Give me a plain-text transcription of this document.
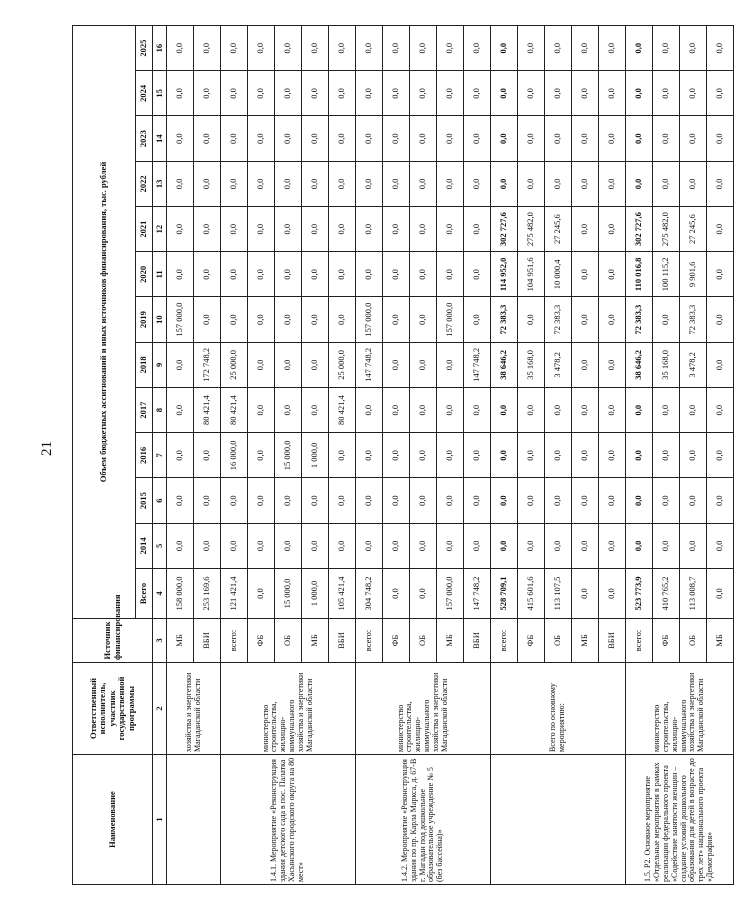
21
Наименование	Ответственный исполнитель, участник государственной программы	Источник финансирования	Объем бюджетных ассигнований и иных источников финансирования, тыс. рублей												
			Всего	2014	2015	2016	2017	2018	2019	2020	2021	2022	2023	2024	2025
1	2	3	4	5	6	7	8	9	10	11	12	13	14	15	16
	хозяйства и энергетики Магаданской области	МБ	158 000,0	0,0	0,0	0,0	0,0	0,0	157 000,0	0,0	0,0	0,0	0,0	0,0	0,0
		ВБИ	253 169,6	0,0	0,0	0,0	80 421,4	172 748,2	0,0	0,0	0,0	0,0	0,0	0,0	0,0
1.4.1. Мероприятие «Реконструкция здания детского сада в пос. Палатка Хасынского городского округа на 80 мест»	министерство строительства, жилищно-коммунального хозяйства и энергетики Магаданской области	всего:	121 421,4	0,0	0,0	16 000,0	80 421,4	25 000,0	0,0	0,0	0,0	0,0	0,0	0,0	0,0
		ФБ	0,0	0,0	0,0	0,0	0,0	0,0	0,0	0,0	0,0	0,0	0,0	0,0	0,0
		ОБ	15 000,0	0,0	0,0	15 000,0	0,0	0,0	0,0	0,0	0,0	0,0	0,0	0,0	0,0
		МБ	1 000,0	0,0	0,0	1 000,0	0,0	0,0	0,0	0,0	0,0	0,0	0,0	0,0	0,0
		ВБИ	105 421,4	0,0	0,0	0,0	80 421,4	25 000,0	0,0	0,0	0,0	0,0	0,0	0,0	0,0
1.4.2. Мероприятие «Реконструкция здания по пр. Карла Маркса, д. 67-В г. Магадан под дошкольное образовательное учреждение № 5 (без бассейна)»	министерство строительства, жилищно-коммунального хозяйства и энергетики Магаданской области	всего:	304 748,2	0,0	0,0	0,0	0,0	147 748,2	157 000,0	0,0	0,0	0,0	0,0	0,0	0,0
		ФБ	0,0	0,0	0,0	0,0	0,0	0,0	0,0	0,0	0,0	0,0	0,0	0,0	0,0
		ОБ	0,0	0,0	0,0	0,0	0,0	0,0	0,0	0,0	0,0	0,0	0,0	0,0	0,0
		МБ	157 000,0	0,0	0,0	0,0	0,0	0,0	157 000,0	0,0	0,0	0,0	0,0	0,0	0,0
		ВБИ	147 748,2	0,0	0,0	0,0	0,0	147 748,2	0,0	0,0	0,0	0,0	0,0	0,0	0,0
	Всего по основному мероприятию:	всего:	528 709,1	0,0	0,0	0,0	0,0	38 646,2	72 383,3	114 952,0	302 727,6	0,0	0,0	0,0	0,0
		ФБ	415 601,6	0,0	0,0	0,0	0,0	35 168,0	0,0	104 951,6	275 482,0	0,0	0,0	0,0	0,0
		ОБ	113 107,5	0,0	0,0	0,0	0,0	3 478,2	72 383,3	10 000,4	27 245,6	0,0	0,0	0,0	0,0
		МБ	0,0	0,0	0,0	0,0	0,0	0,0	0,0	0,0	0,0	0,0	0,0	0,0	0,0
		ВБИ	0,0	0,0	0,0	0,0	0,0	0,0	0,0	0,0	0,0	0,0	0,0	0,0	0,0
1.5. Р2. Основное мероприятие «Отдельные мероприятия в рамках реализации федерального проекта «Содействие занятости женщин – создание условий дошкольного образования для детей в возрасте до трех лет» национального проекта «Демография»	министерство строительства, жилищно-коммунального хозяйства и энергетики Магаданской области	всего:	523 773,9	0,0	0,0	0,0	0,0	38 646,2	72 383,3	110 016,8	302 727,6	0,0	0,0	0,0	0,0
		ФБ	410 765,2	0,0	0,0	0,0	0,0	35 168,0	0,0	100 115,2	275 482,0	0,0	0,0	0,0	0,0
		ОБ	113 008,7	0,0	0,0	0,0	0,0	3 478,2	72 383,3	9 901,6	27 245,6	0,0	0,0	0,0	0,0
		МБ	0,0	0,0	0,0	0,0	0,0	0,0	0,0	0,0	0,0	0,0	0,0	0,0	0,0
